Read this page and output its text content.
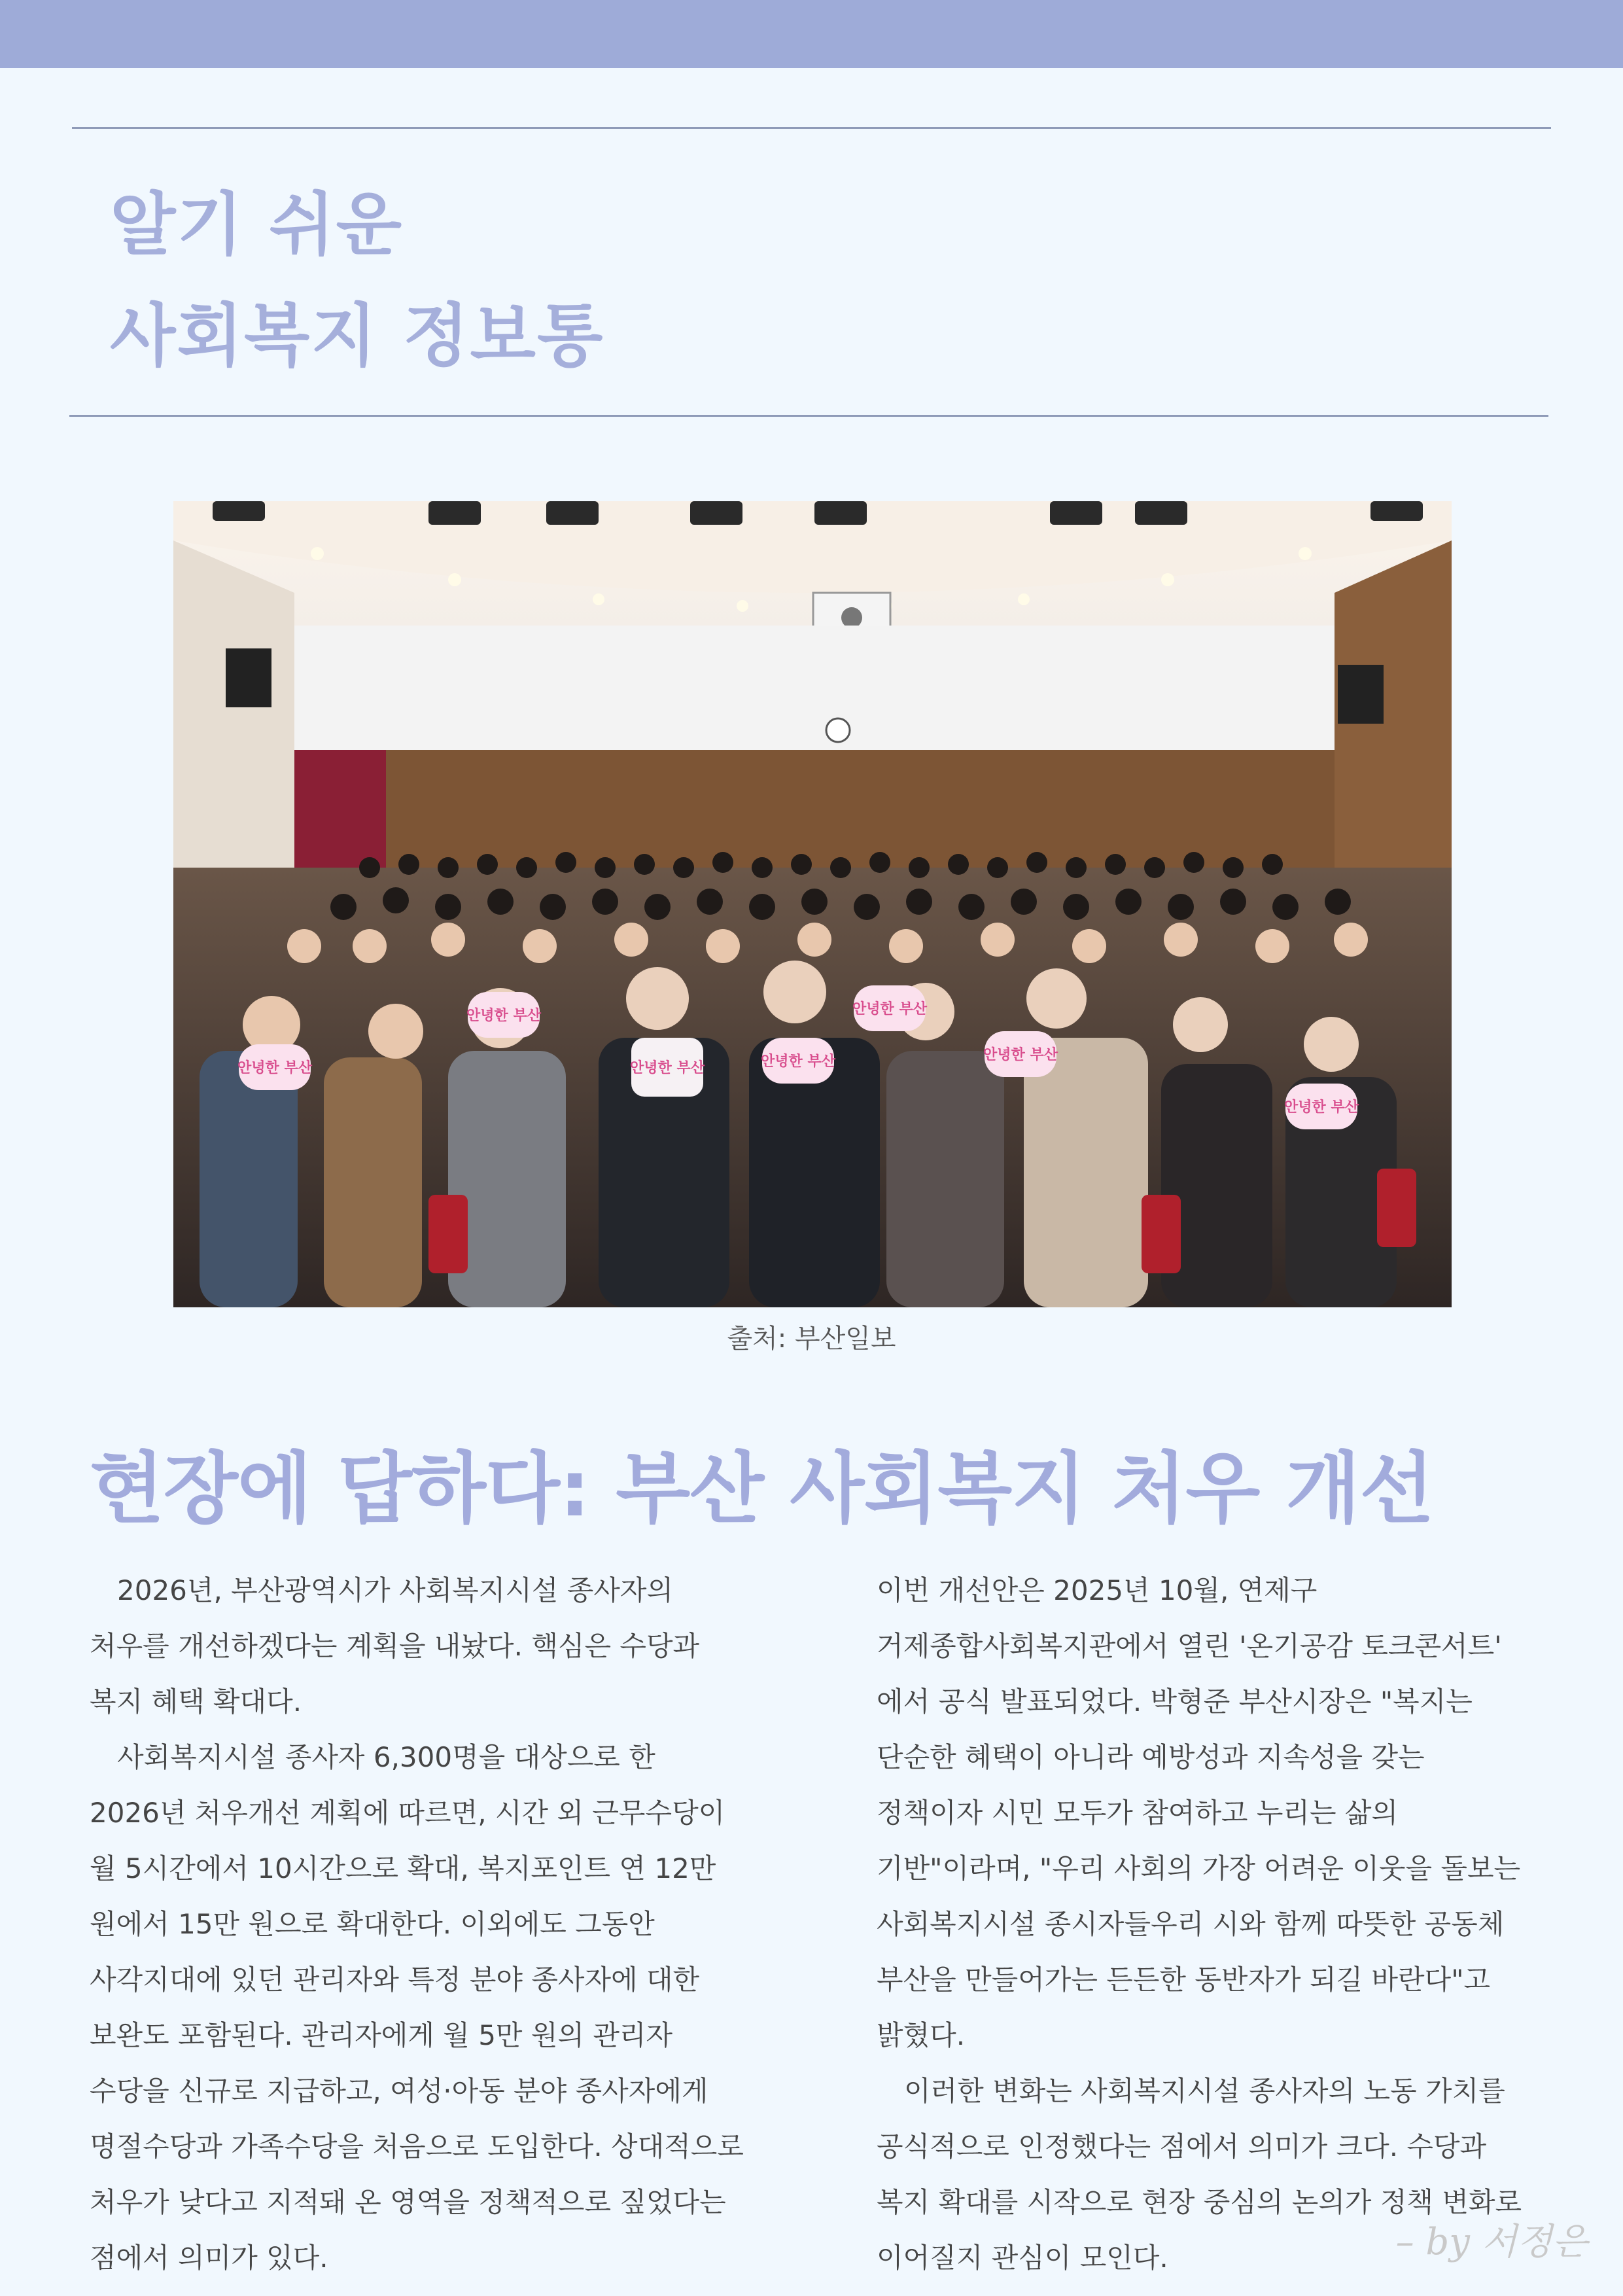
알기 쉬운
사회복지 정보통
안녕한 부산
안녕한 부산
안녕한 부산	안녕한 부산
안녕한 부산
안녕한 부산
안녕한 부산
출처: 부산일보
현장에 답하다: 부산 사회복지 처우 개선

2026년, 부산광역시가 사회복지시설 종사자의 처우를 개선하겠다는 계획을 내놨다. 핵심은 수당과 복지 혜택 확대다.

사회복지시설 종사자 6,300명을 대상으로 한 2026년 처우개선 계획에 따르면, 시간 외 근무수당이 월 5시간에서 10시간으로 확대, 복지포인트 연 12만 원에서 15만 원으로 확대한다. 이외에도 그동안 사각지대에 있던 관리자와 특정 분야 종사자에 대한 보완도 포함된다. 관리자에게 월 5만 원의 관리자 수당을 신규로 지급하고, 여성·아동 분야 종사자에게 명절수당과 가족수당을 처음으로 도입한다. 상대적으로 처우가 낮다고 지적돼 온 영역을 정책적으로 짚었다는 점에서 의미가 있다.

이번 개선안은 2025년 10월, 연제구 거제종합사회복지관에서 열린 '온기공감 토크콘서트' 에서 공식 발표되었다. 박형준 부산시장은 "복지는 단순한 혜택이 아니라 예방성과 지속성을 갖는 정책이자 시민 모두가 참여하고 누리는 삶의 기반"이라며, "우리 사회의 가장 어려운 이웃을 돌보는 사회복지시설 종시자들우리 시와 함께 따뜻한 공동체 부산을 만들어가는 든든한 동반자가 되길 바란다"고 밝혔다.

이러한 변화는 사회복지시설 종사자의 노동 가치를 공식적으로 인정했다는 점에서 의미가 크다. 수당과 복지 확대를 시작으로 현장 중심의 논의가 정책 변화로 이어질지 관심이 모인다.	– by 서정은
